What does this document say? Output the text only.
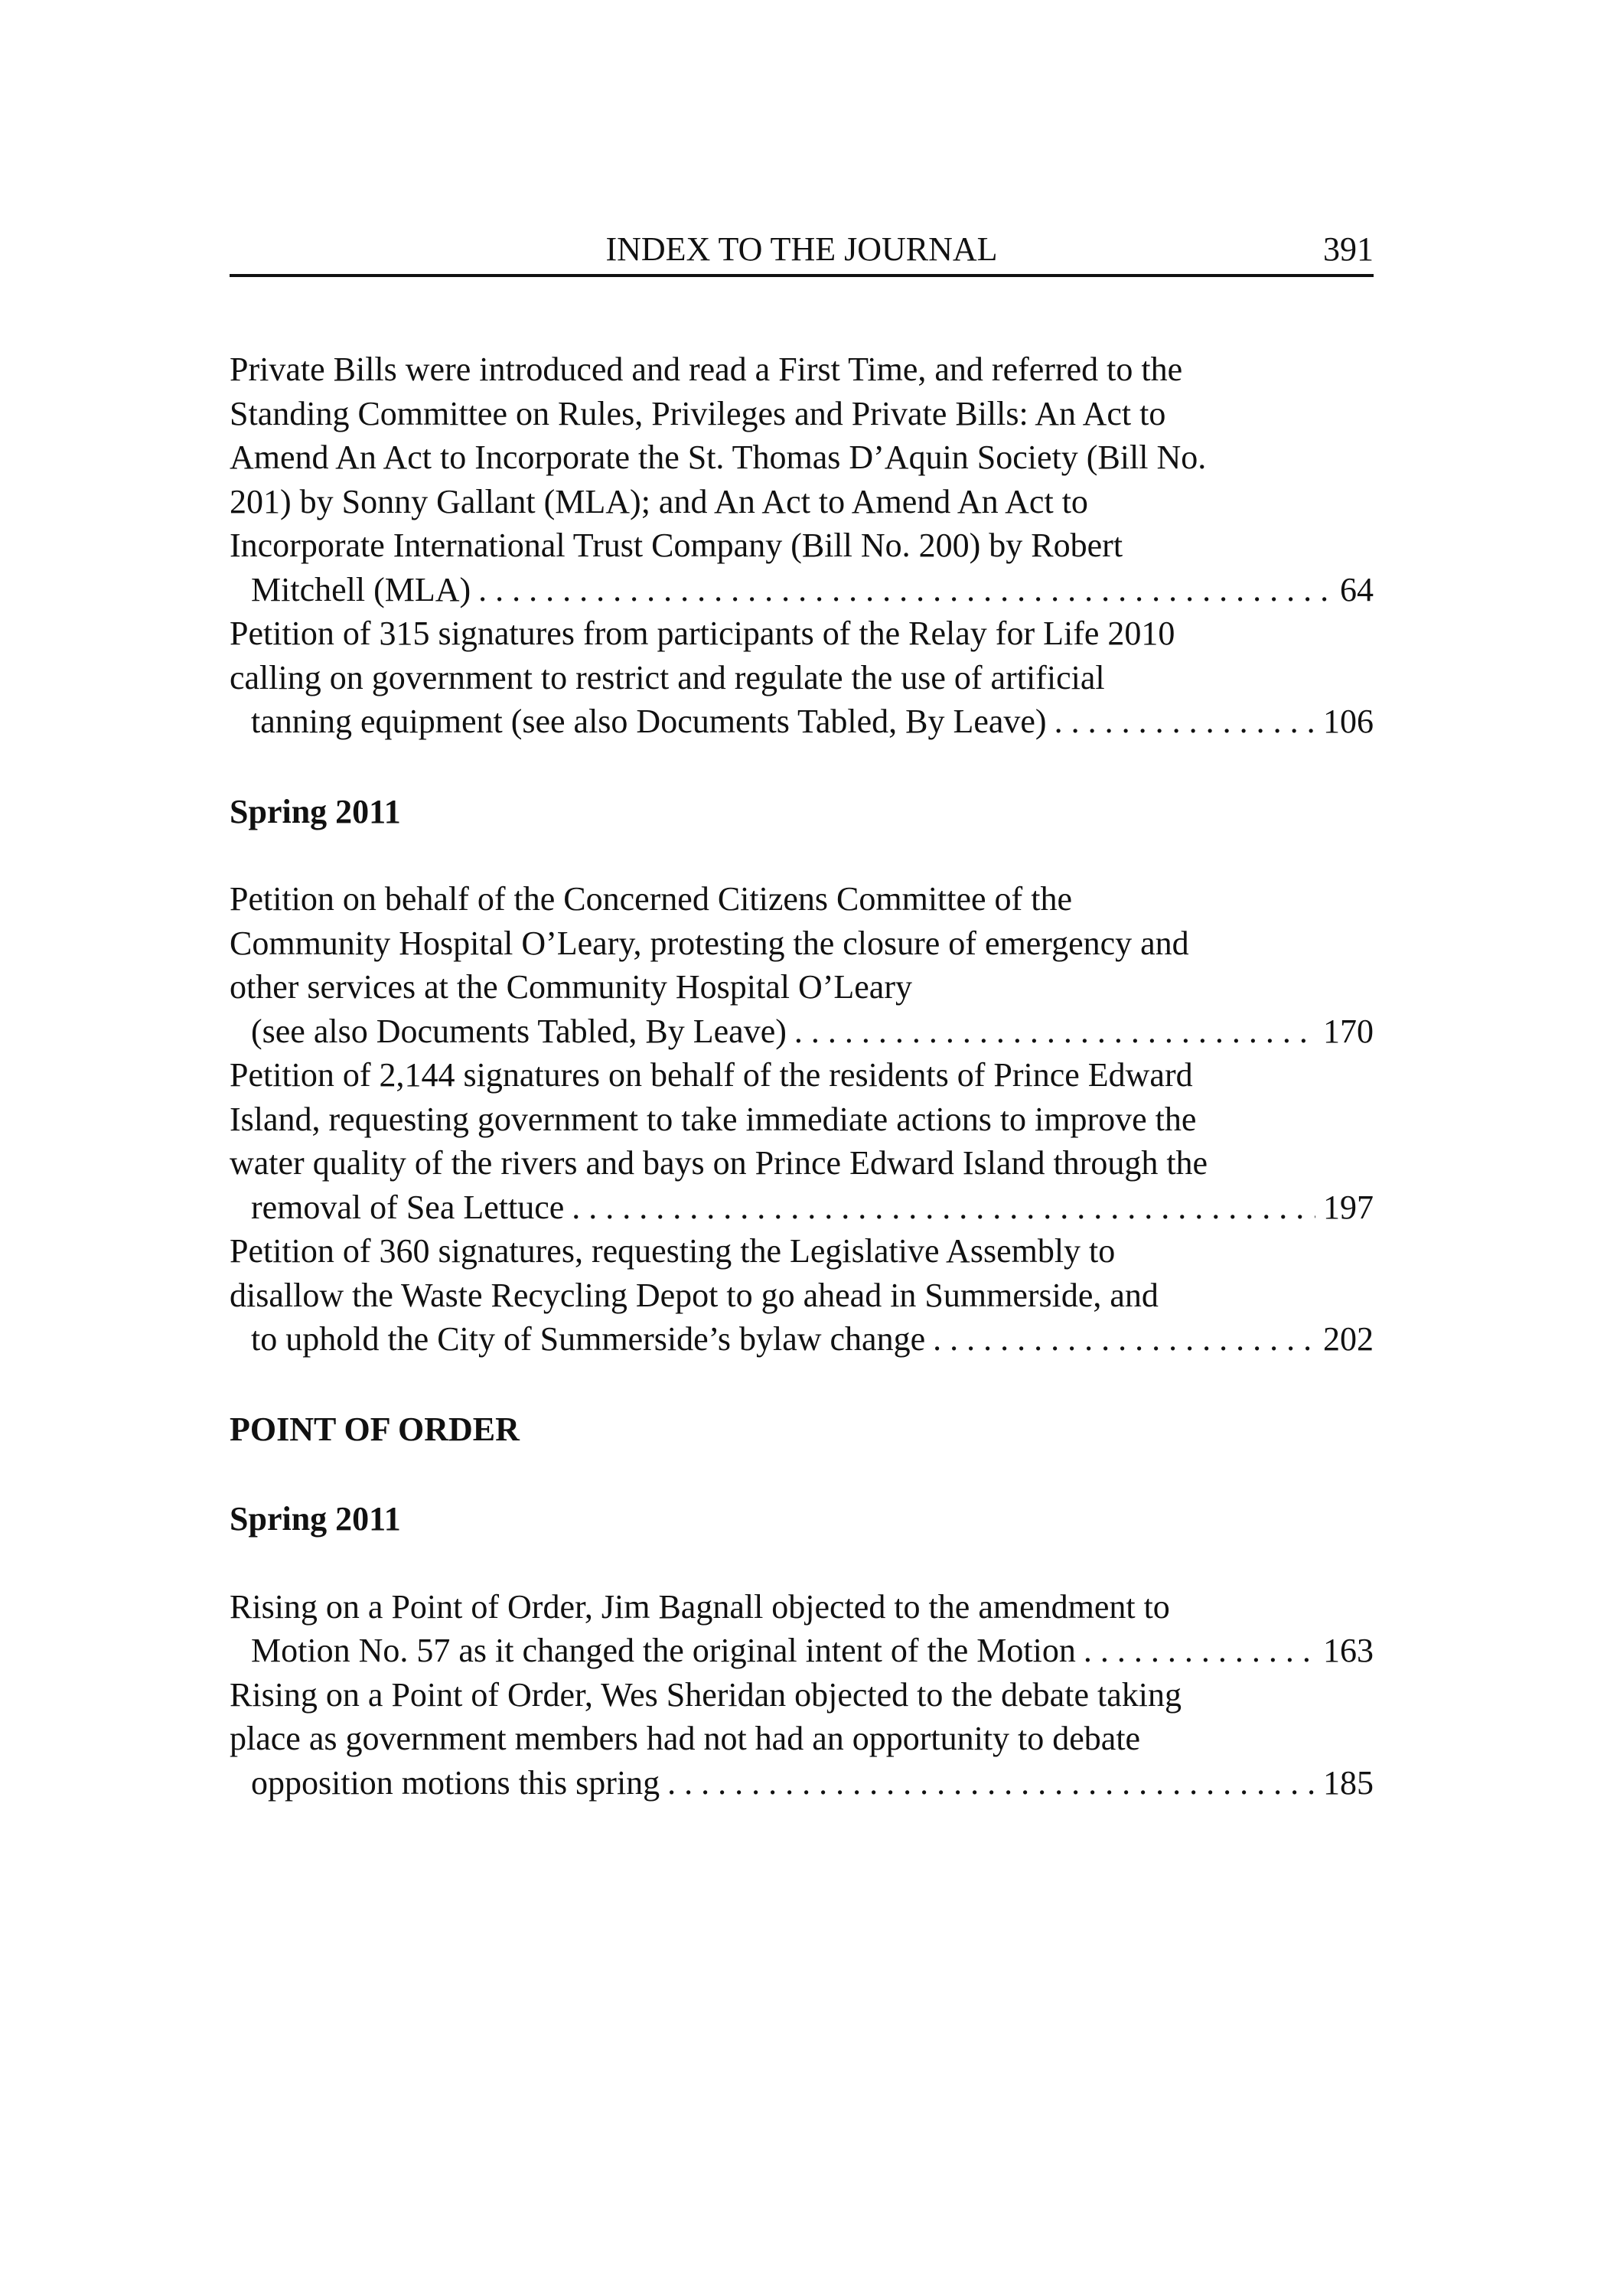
INDEX TO THE JOURNAL	391
Private Bills were introduced and read a First Time, and referred to the
Standing Committee on Rules, Privileges and Private Bills: An Act to
Amend An Act to Incorporate the St. Thomas D’Aquin Society (Bill No.
201) by Sonny Gallant (MLA); and An Act to Amend An Act to
Incorporate International Trust Company (Bill No. 200) by Robert
Mitchell (MLA) . . .	64
Petition of 315 signatures from participants of the Relay for Life 2010
calling on government to restrict and regulate the use of artificial
tanning equipment (see also Documents Tabled, By Leave) . . .	106

Spring 2011

Petition on behalf of the Concerned Citizens Committee of the
Community Hospital O’Leary, protesting the closure of emergency and
other services at the Community Hospital O’Leary
(see also Documents Tabled, By Leave) . . .	170
Petition of 2,144 signatures on behalf of the residents of Prince Edward
Island, requesting government to take immediate actions to improve the
water quality of the rivers and bays on Prince Edward Island through the
removal of Sea Lettuce . . .	197
Petition of 360 signatures, requesting the Legislative Assembly to
disallow the Waste Recycling Depot to go ahead in Summerside, and
to uphold the City of Summerside’s bylaw change . . .	202

POINT OF ORDER

Spring 2011

Rising on a Point of Order, Jim Bagnall objected to the amendment to
Motion No. 57 as it changed the original intent of the Motion . . .	163
Rising on a Point of Order, Wes Sheridan objected to the debate taking
place as government members had not had an opportunity to debate
opposition motions this spring . . .	185
